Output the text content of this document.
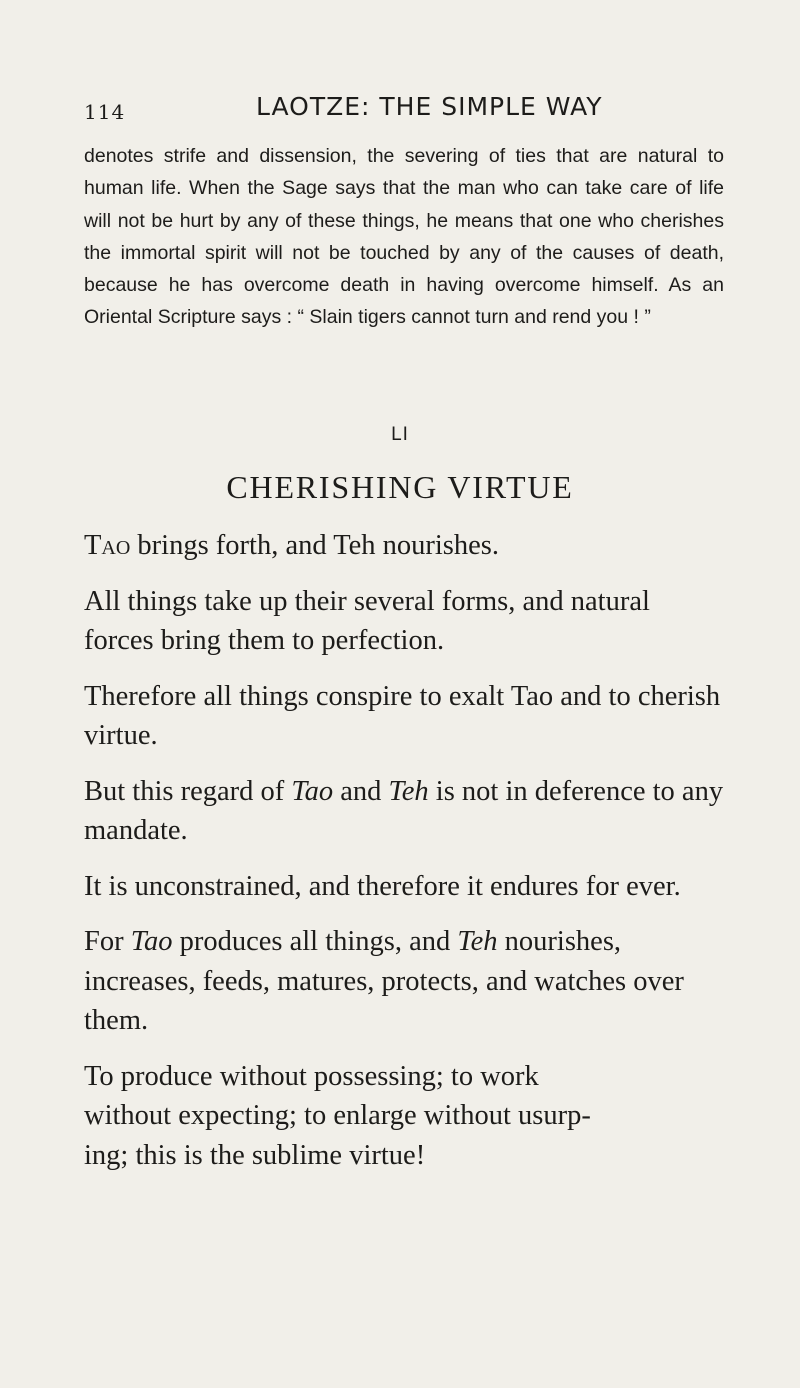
114	LAOTZE: THE SIMPLE WAY

denotes strife and dissension, the severing of ties that are natural to human life. When the Sage says that the man who can take care of life will not be hurt by any of these things, he means that one who cherishes the immortal spirit will not be touched by any of the causes of death, because he has overcome death in having overcome himself. As an Oriental Scripture says : “ Slain tigers cannot turn and rend you ! ”

LI
CHERISHING VIRTUE

Tao brings forth, and Teh nourishes.

All things take up their several forms, and natural forces bring them to perfection.

Therefore all things conspire to exalt Tao and to cherish virtue.

But this regard of Tao and Teh is not in deference to any mandate.

It is unconstrained, and therefore it endures for ever.

For Tao produces all things, and Teh nourishes, increases, feeds, matures, protects, and watches over them.

To produce without possessing; to work
without expecting; to enlarge without usurp-
ing; this is the sublime virtue!
